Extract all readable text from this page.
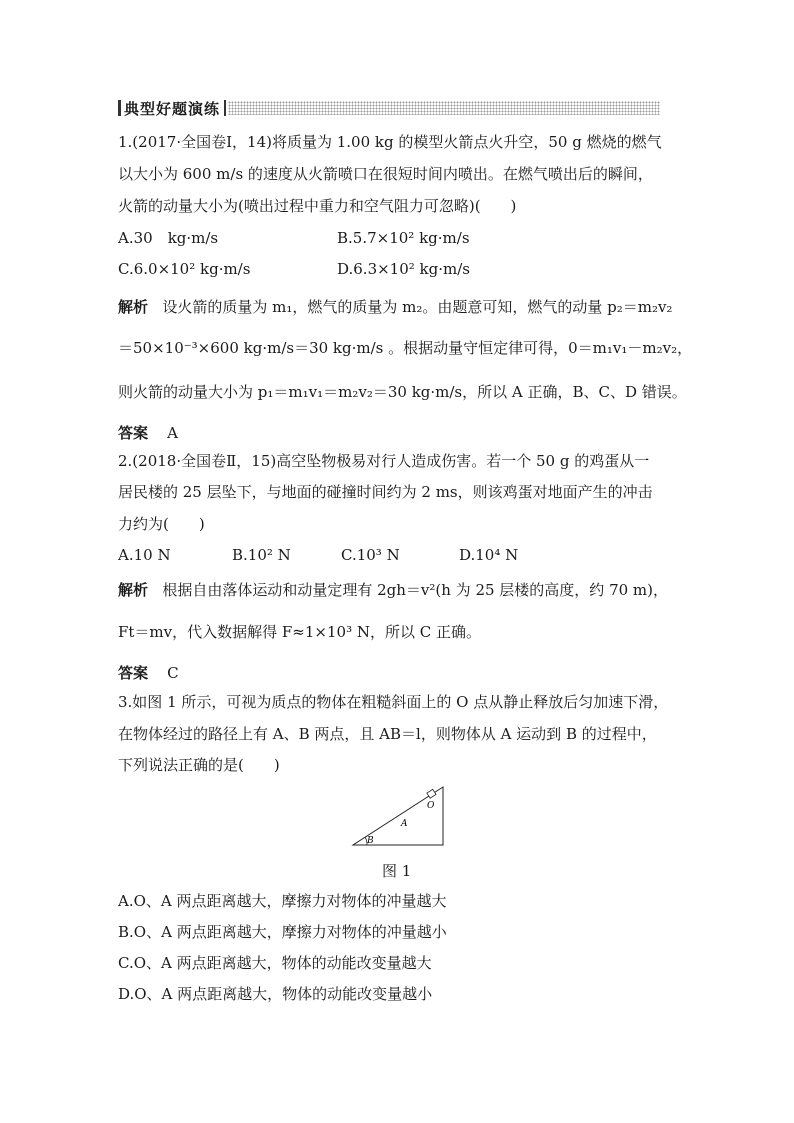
典型好题演练
1.(2017·全国卷Ⅰ，14)将质量为 1.00 kg 的模型火箭点火升空，50 g 燃烧的燃气
以大小为 600 m/s 的速度从火箭喷口在很短时间内喷出。在燃气喷出后的瞬间，
火箭的动量大小为(喷出过程中重力和空气阻力可忽略)(　　)
A.30　kg·m/s	B.5.7×10² kg·m/s
C.6.0×10² kg·m/s	D.6.3×10² kg·m/s
解析 设火箭的质量为 m₁，燃气的质量为 m₂。由题意可知，燃气的动量 p₂＝m₂v₂
＝50×10⁻³×600 kg·m/s＝30 kg·m/s 。根据动量守恒定律可得，0＝m₁v₁－m₂v₂，
则火箭的动量大小为 p₁＝m₁v₁＝m₂v₂＝30 kg·m/s，所以 A 正确，B、C、D 错误。
答案 A
2.(2018·全国卷Ⅱ，15)高空坠物极易对行人造成伤害。若一个 50 g 的鸡蛋从一
居民楼的 25 层坠下，与地面的碰撞时间约为 2 ms，则该鸡蛋对地面产生的冲击
力约为(　　)
A.10 N	B.10² N	C.10³ N	D.10⁴ N
解析 根据自由落体运动和动量定理有 2gh＝v²(h 为 25 层楼的高度，约 70 m)，
Ft＝mv，代入数据解得 F≈1×10³ N，所以 C 正确。
答案 C
3.如图 1 所示，可视为质点的物体在粗糙斜面上的 O 点从静止释放后匀加速下滑，
在物体经过的路径上有 A、B 两点，且 AB＝l，则物体从 A 运动到 B 的过程中，
下列说法正确的是(　　)
O
A
B
图 1
A.O、A 两点距离越大，摩擦力对物体的冲量越大
B.O、A 两点距离越大，摩擦力对物体的冲量越小
C.O、A 两点距离越大，物体的动能改变量越大
D.O、A 两点距离越大，物体的动能改变量越小
